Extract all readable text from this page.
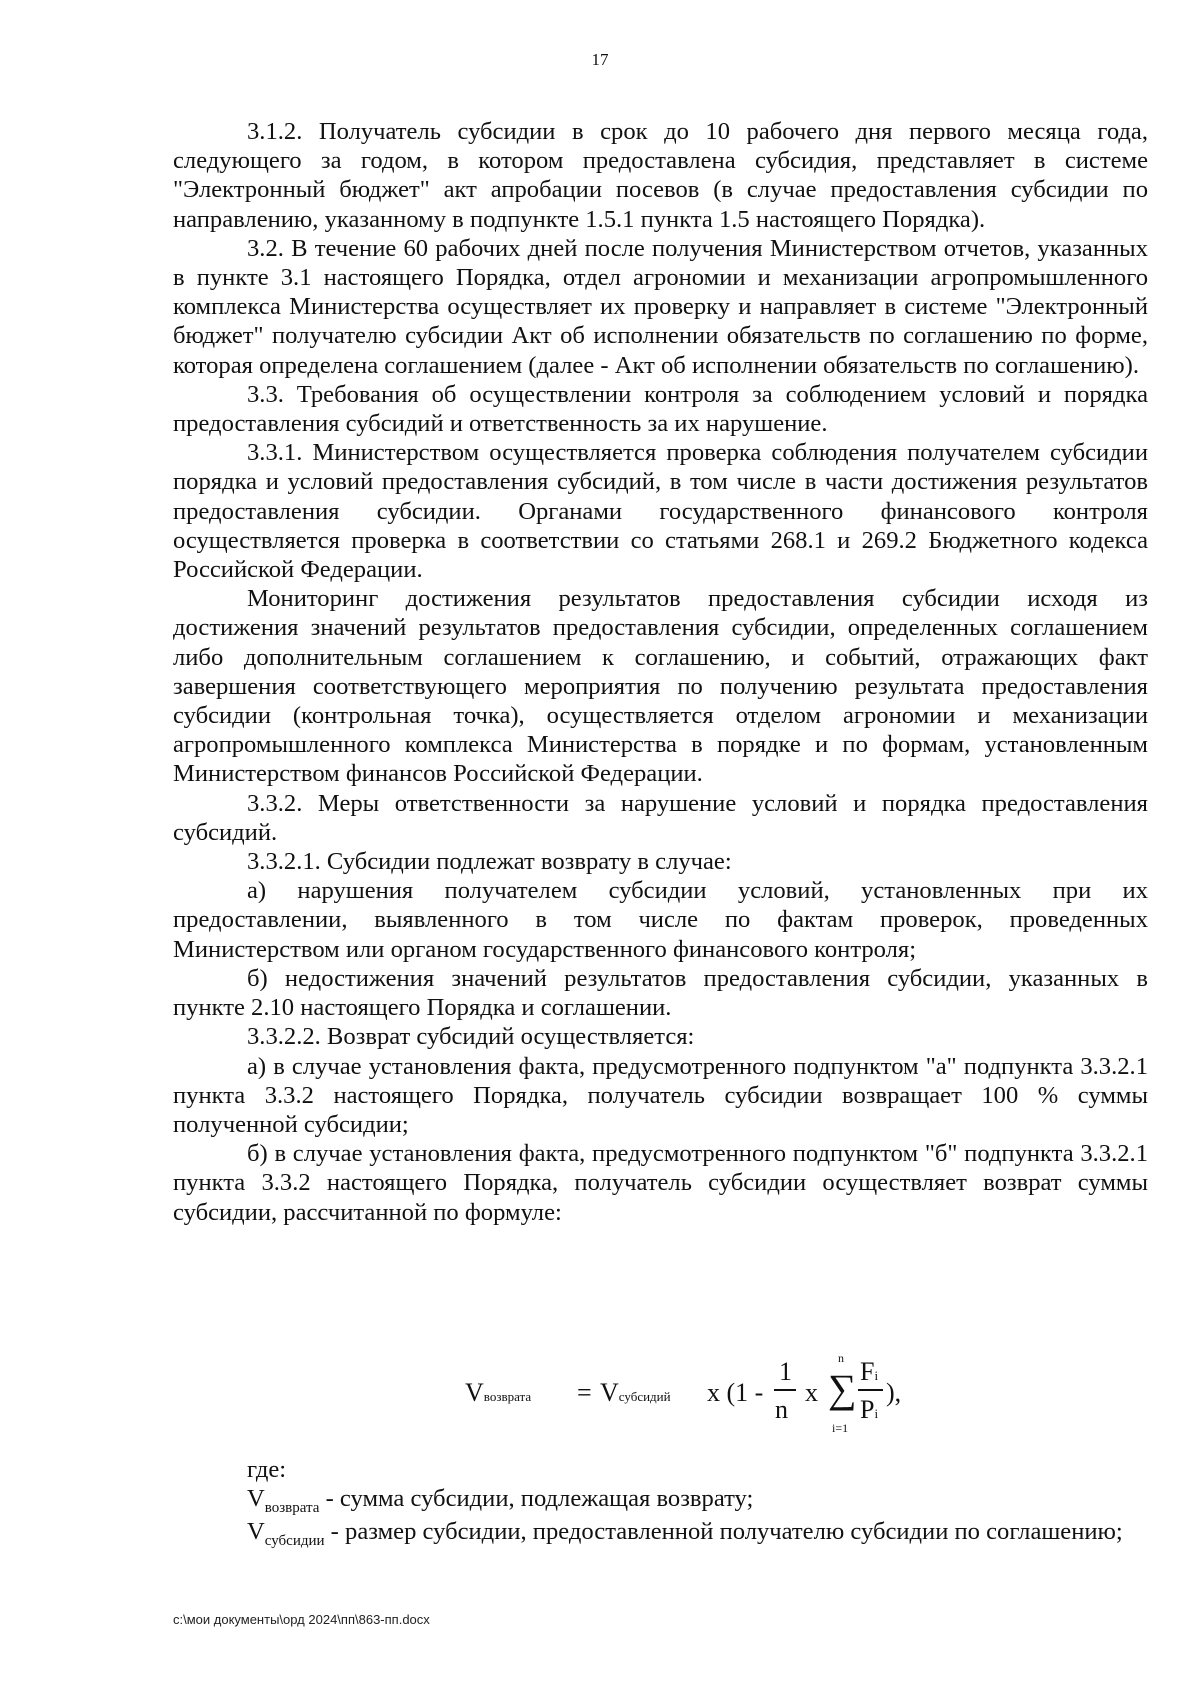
17

3.1.2. Получатель субсидии в срок до 10 рабочего дня первого месяца года, следующего за годом, в котором предоставлена субсидия, представляет в системе "Электронный бюджет" акт апробации посевов (в случае предоставления субсидии по направлению, указанному в подпункте 1.5.1 пункта 1.5 настоящего Порядка).

3.2. В течение 60 рабочих дней после получения Министерством отчетов, указанных в пункте 3.1 настоящего Порядка, отдел агрономии и механизации агропромышленного комплекса Министерства осуществляет их проверку и направляет в системе "Электронный бюджет" получателю субсидии Акт об исполнении обязательств по соглашению по форме, которая определена соглашением (далее - Акт об исполнении обязательств по соглашению).

3.3. Требования об осуществлении контроля за соблюдением условий и порядка предоставления субсидий и ответственность за их нарушение.

3.3.1. Министерством осуществляется проверка соблюдения получателем субсидии порядка и условий предоставления субсидий, в том числе в части достижения результатов предоставления субсидии. Органами государственного финансового контроля осуществляется проверка в соответствии со статьями 268.1 и 269.2 Бюджетного кодекса Российской Федерации.

Мониторинг достижения результатов предоставления субсидии исходя из достижения значений результатов предоставления субсидии, определенных соглашением либо дополнительным соглашением к соглашению, и событий, отражающих факт завершения соответствующего мероприятия по получению результата предоставления субсидии (контрольная точка), осуществляется отделом агрономии и механизации агропромышленного комплекса Министерства в порядке и по формам, установленным Министерством финансов Российской Федерации.

3.3.2. Меры ответственности за нарушение условий и порядка предоставления субсидий.

3.3.2.1. Субсидии подлежат возврату в случае:

а) нарушения получателем субсидии условий, установленных при их предоставлении, выявленного в том числе по фактам проверок, проведенных Министерством или органом государственного финансового контроля;

б) недостижения значений результатов предоставления субсидии, указанных в пункте 2.10 настоящего Порядка и соглашении.

3.3.2.2. Возврат субсидий осуществляется:

а) в случае установления факта, предусмотренного подпунктом "а" подпункта 3.3.2.1 пункта 3.3.2 настоящего Порядка, получатель субсидии возвращает 100 % суммы полученной субсидии;

б) в случае установления факта, предусмотренного подпунктом "б" подпункта 3.3.2.1 пункта 3.3.2 настоящего Порядка, получатель субсидии осуществляет возврат суммы субсидии, рассчитанной по формуле:

Vвозврата = Vсубсидий x (1 -
1
n
x ∑
n
i=1
Fi
Pi
),

где:

$V_{возврата}$ - сумма субсидии, подлежащая возврату;

$V_{субсидии}$ - размер субсидии, предоставленной получателю субсидии по соглашению;

c:\мои документы\орд 2024\пп\863-пп.docx
